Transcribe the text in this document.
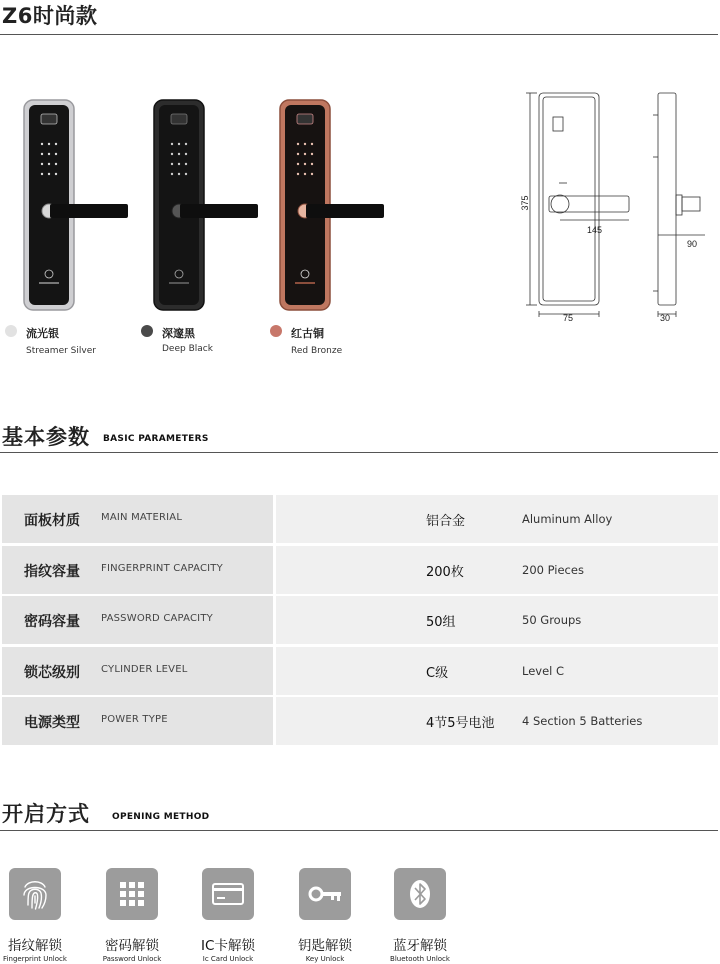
Z6时尚款
流光银
Streamer Silver
深邃黑
Deep Black
红古铜
Red Bronze
375
145
75	30
90
基本参数 BASIC PARAMETERS
面板材质 MAIN MATERIAL	铝合金	Aluminum Alloy
指纹容量 FINGERPRINT CAPACITY	200枚	200 Pieces
密码容量 PASSWORD CAPACITY	50组	50 Groups
锁芯级别 CYLINDER LEVEL	C级	Level C
电源类型 POWER TYPE	4节5号电池 4 Section 5 Batteries
开启方式 OPENING METHOD
指纹解锁
Fingerprint Unlock
密码解锁
Password Unlock
IC卡解锁
Ic Card Unlock
钥匙解锁
Key Unlock
蓝牙解锁
Bluetooth Unlock
